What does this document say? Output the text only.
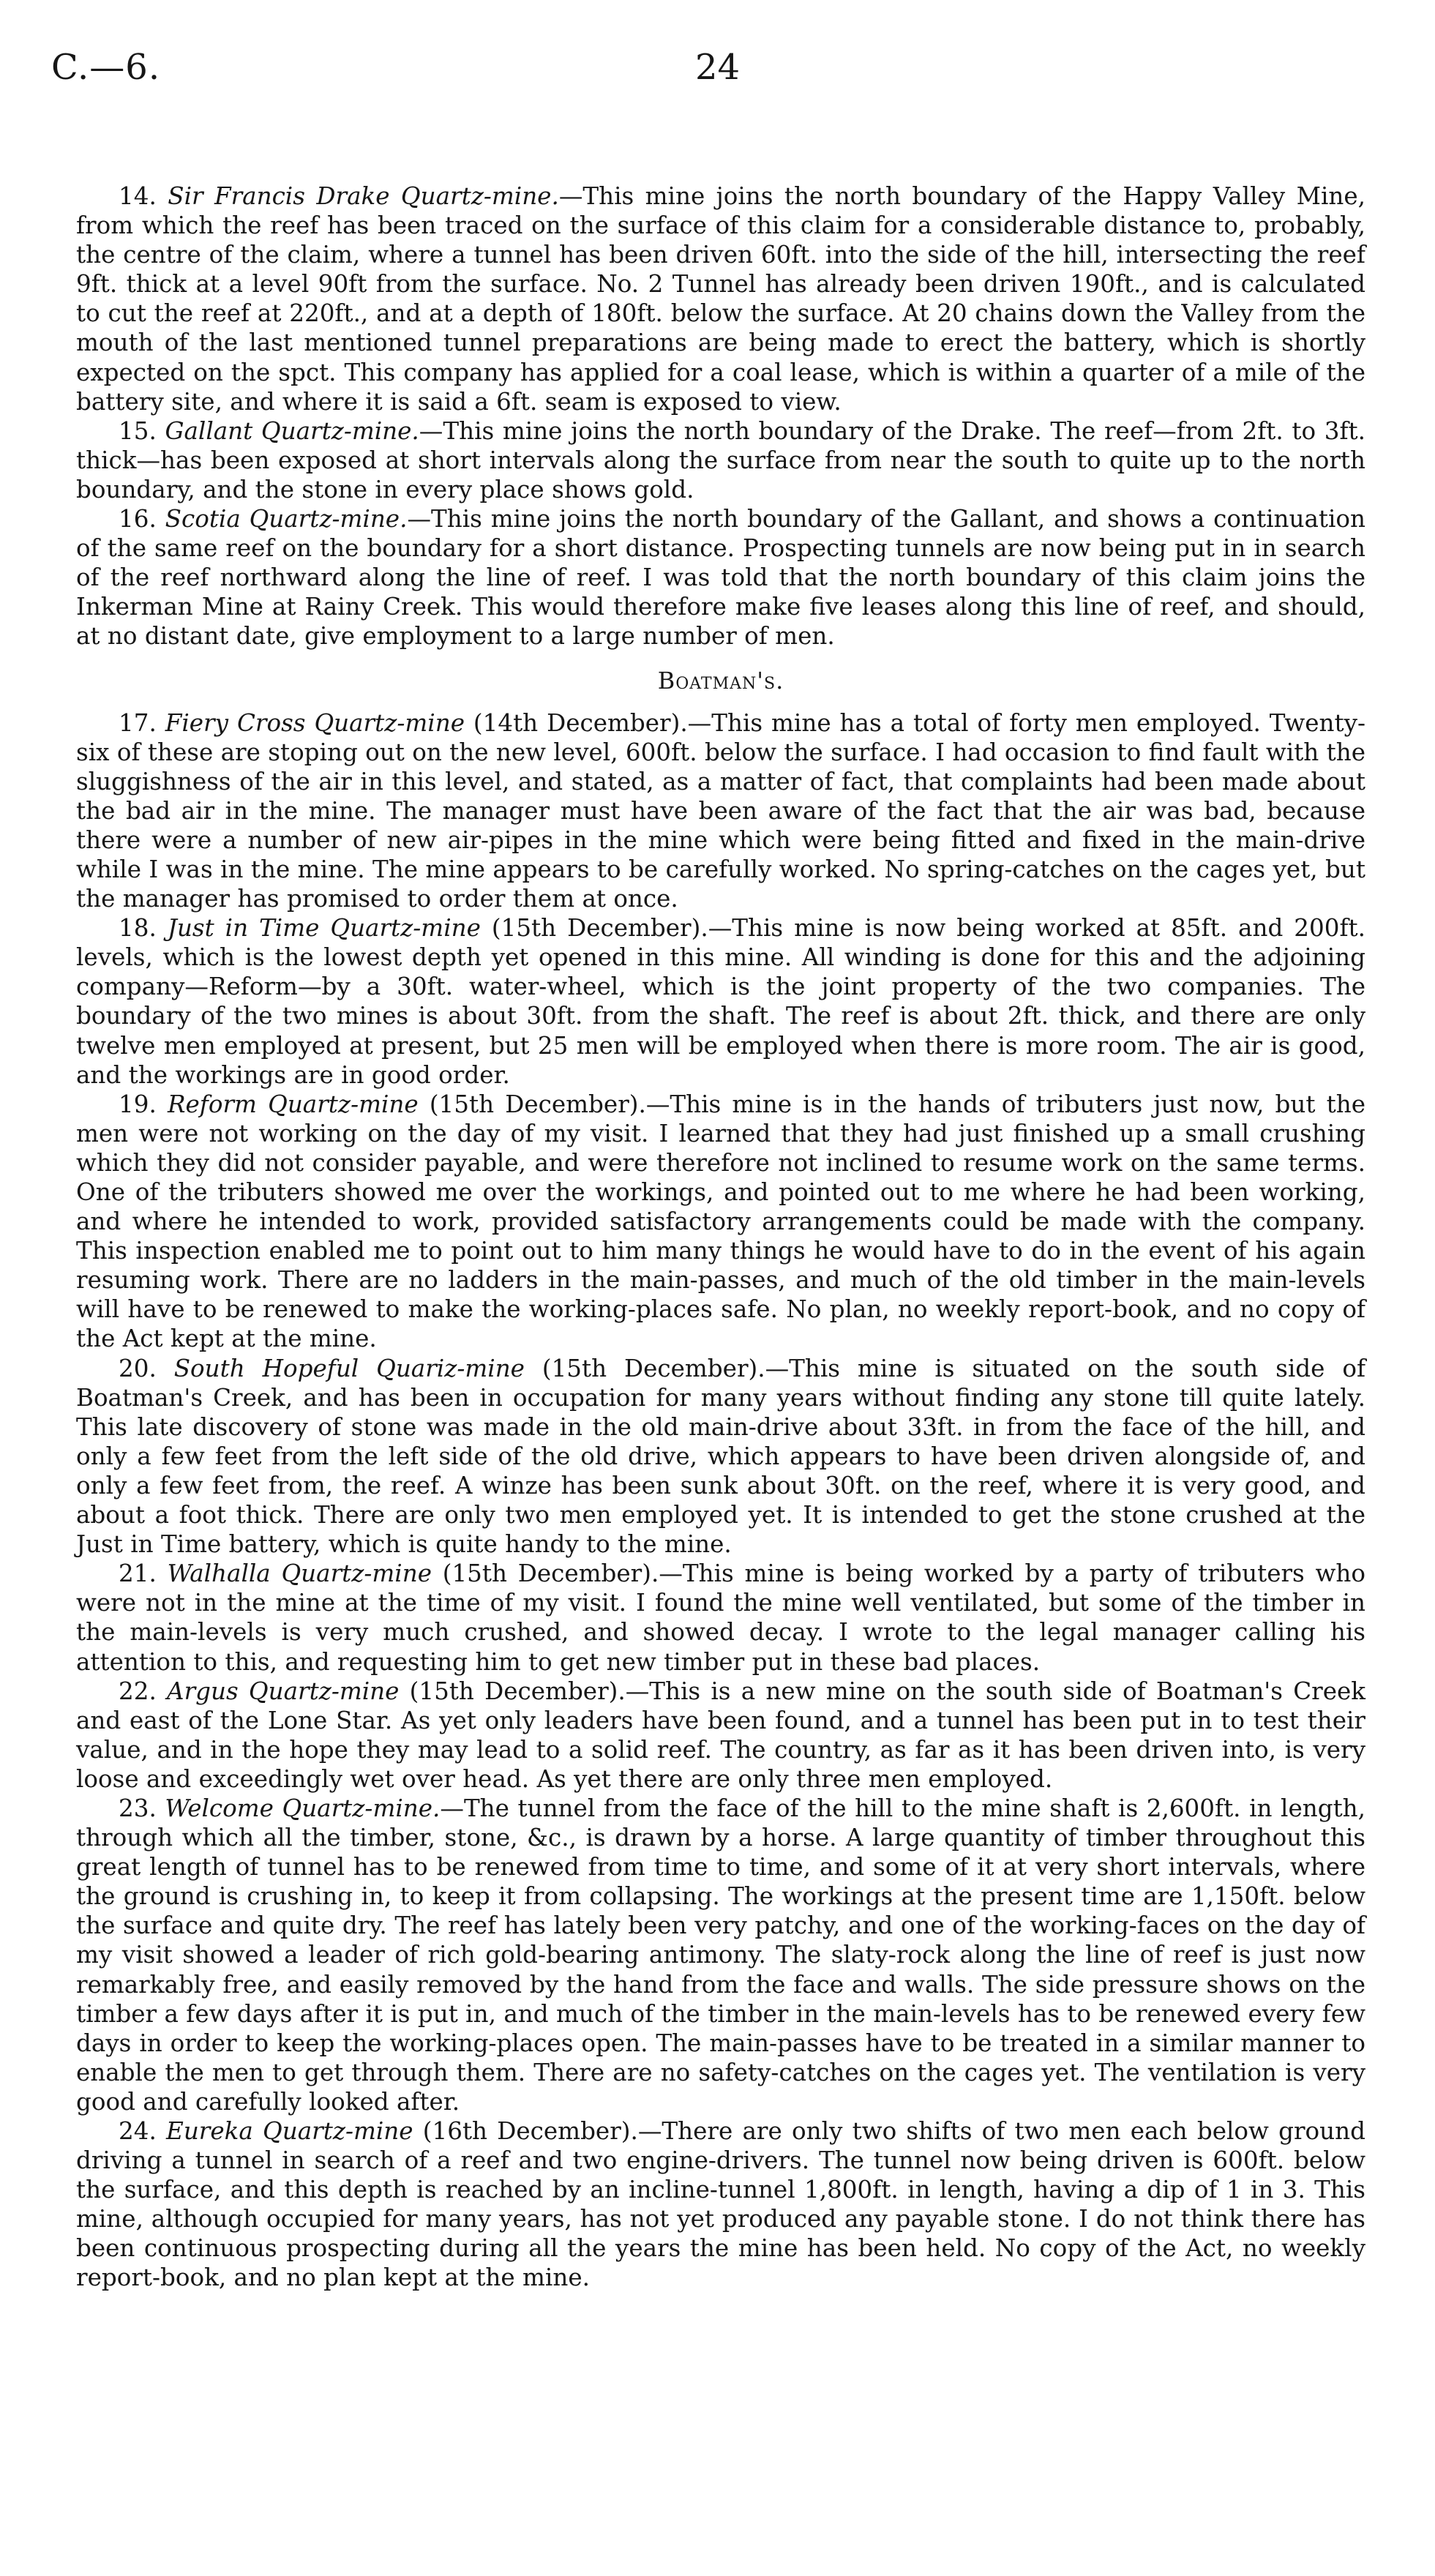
C.—6.	24

14. Sir Francis Drake Quartz-mine.—This mine joins the north boundary of the Happy Valley Mine, from which the reef has been traced on the surface of this claim for a considerable distance to, probably, the centre of the claim, where a tunnel has been driven 60ft. into the side of the hill, intersecting the reef 9ft. thick at a level 90ft from the surface. No. 2 Tunnel has already been driven 190ft., and is calculated to cut the reef at 220ft., and at a depth of 180ft. below the surface. At 20 chains down the Valley from the mouth of the last mentioned tunnel preparations are being made to erect the battery, which is shortly expected on the spct. This company has applied for a coal lease, which is within a quarter of a mile of the battery site, and where it is said a 6ft. seam is exposed to view.

15. Gallant Quartz-mine.—This mine joins the north boundary of the Drake. The reef—from 2ft. to 3ft. thick—has been exposed at short intervals along the surface from near the south to quite up to the north boundary, and the stone in every place shows gold.

16. Scotia Quartz-mine.—This mine joins the north boundary of the Gallant, and shows a continuation of the same reef on the boundary for a short distance. Prospecting tunnels are now being put in in search of the reef northward along the line of reef. I was told that the north boundary of this claim joins the Inkerman Mine at Rainy Creek. This would therefore make five leases along this line of reef, and should, at no distant date, give employment to a large number of men.

Boatman's.

17. Fiery Cross Quartz-mine (14th December).—This mine has a total of forty men employed. Twenty-six of these are stoping out on the new level, 600ft. below the surface. I had occasion to find fault with the sluggishness of the air in this level, and stated, as a matter of fact, that complaints had been made about the bad air in the mine. The manager must have been aware of the fact that the air was bad, because there were a number of new air-pipes in the mine which were being fitted and fixed in the main-drive while I was in the mine. The mine appears to be carefully worked. No spring-catches on the cages yet, but the manager has promised to order them at once.

18. Just in Time Quartz-mine (15th December).—This mine is now being worked at 85ft. and 200ft. levels, which is the lowest depth yet opened in this mine. All winding is done for this and the adjoining company—Reform—by a 30ft. water-wheel, which is the joint property of the two companies. The boundary of the two mines is about 30ft. from the shaft. The reef is about 2ft. thick, and there are only twelve men employed at present, but 25 men will be employed when there is more room. The air is good, and the workings are in good order.

19. Reform Quartz-mine (15th December).—This mine is in the hands of tributers just now, but the men were not working on the day of my visit. I learned that they had just finished up a small crushing which they did not consider payable, and were therefore not inclined to resume work on the same terms. One of the tributers showed me over the workings, and pointed out to me where he had been working, and where he intended to work, provided satisfactory arrangements could be made with the company. This inspection enabled me to point out to him many things he would have to do in the event of his again resuming work. There are no ladders in the main-passes, and much of the old timber in the main-levels will have to be renewed to make the working-places safe. No plan, no weekly report-book, and no copy of the Act kept at the mine.

20. South Hopeful Quariz-mine (15th December).—This mine is situated on the south side of Boatman's Creek, and has been in occupation for many years without finding any stone till quite lately. This late discovery of stone was made in the old main-drive about 33ft. in from the face of the hill, and only a few feet from the left side of the old drive, which appears to have been driven alongside of, and only a few feet from, the reef. A winze has been sunk about 30ft. on the reef, where it is very good, and about a foot thick. There are only two men employed yet. It is intended to get the stone crushed at the Just in Time battery, which is quite handy to the mine.

21. Walhalla Quartz-mine (15th December).—This mine is being worked by a party of tributers who were not in the mine at the time of my visit. I found the mine well ventilated, but some of the timber in the main-levels is very much crushed, and showed decay. I wrote to the legal manager calling his attention to this, and requesting him to get new timber put in these bad places.

22. Argus Quartz-mine (15th December).—This is a new mine on the south side of Boatman's Creek and east of the Lone Star. As yet only leaders have been found, and a tunnel has been put in to test their value, and in the hope they may lead to a solid reef. The country, as far as it has been driven into, is very loose and exceedingly wet over head. As yet there are only three men employed.

23. Welcome Quartz-mine.—The tunnel from the face of the hill to the mine shaft is 2,600ft. in length, through which all the timber, stone, &c., is drawn by a horse. A large quantity of timber throughout this great length of tunnel has to be renewed from time to time, and some of it at very short intervals, where the ground is crushing in, to keep it from collapsing. The workings at the present time are 1,150ft. below the surface and quite dry. The reef has lately been very patchy, and one of the working-faces on the day of my visit showed a leader of rich gold-bearing antimony. The slaty-rock along the line of reef is just now remarkably free, and easily removed by the hand from the face and walls. The side pressure shows on the timber a few days after it is put in, and much of the timber in the main-levels has to be renewed every few days in order to keep the working-places open. The main-passes have to be treated in a similar manner to enable the men to get through them. There are no safety-catches on the cages yet. The ventilation is very good and carefully looked after.

24. Eureka Quartz-mine (16th December).—There are only two shifts of two men each below ground driving a tunnel in search of a reef and two engine-drivers. The tunnel now being driven is 600ft. below the surface, and this depth is reached by an incline-tunnel 1,800ft. in length, having a dip of 1 in 3. This mine, although occupied for many years, has not yet produced any payable stone. I do not think there has been continuous prospecting during all the years the mine has been held. No copy of the Act, no weekly report-book, and no plan kept at the mine.
